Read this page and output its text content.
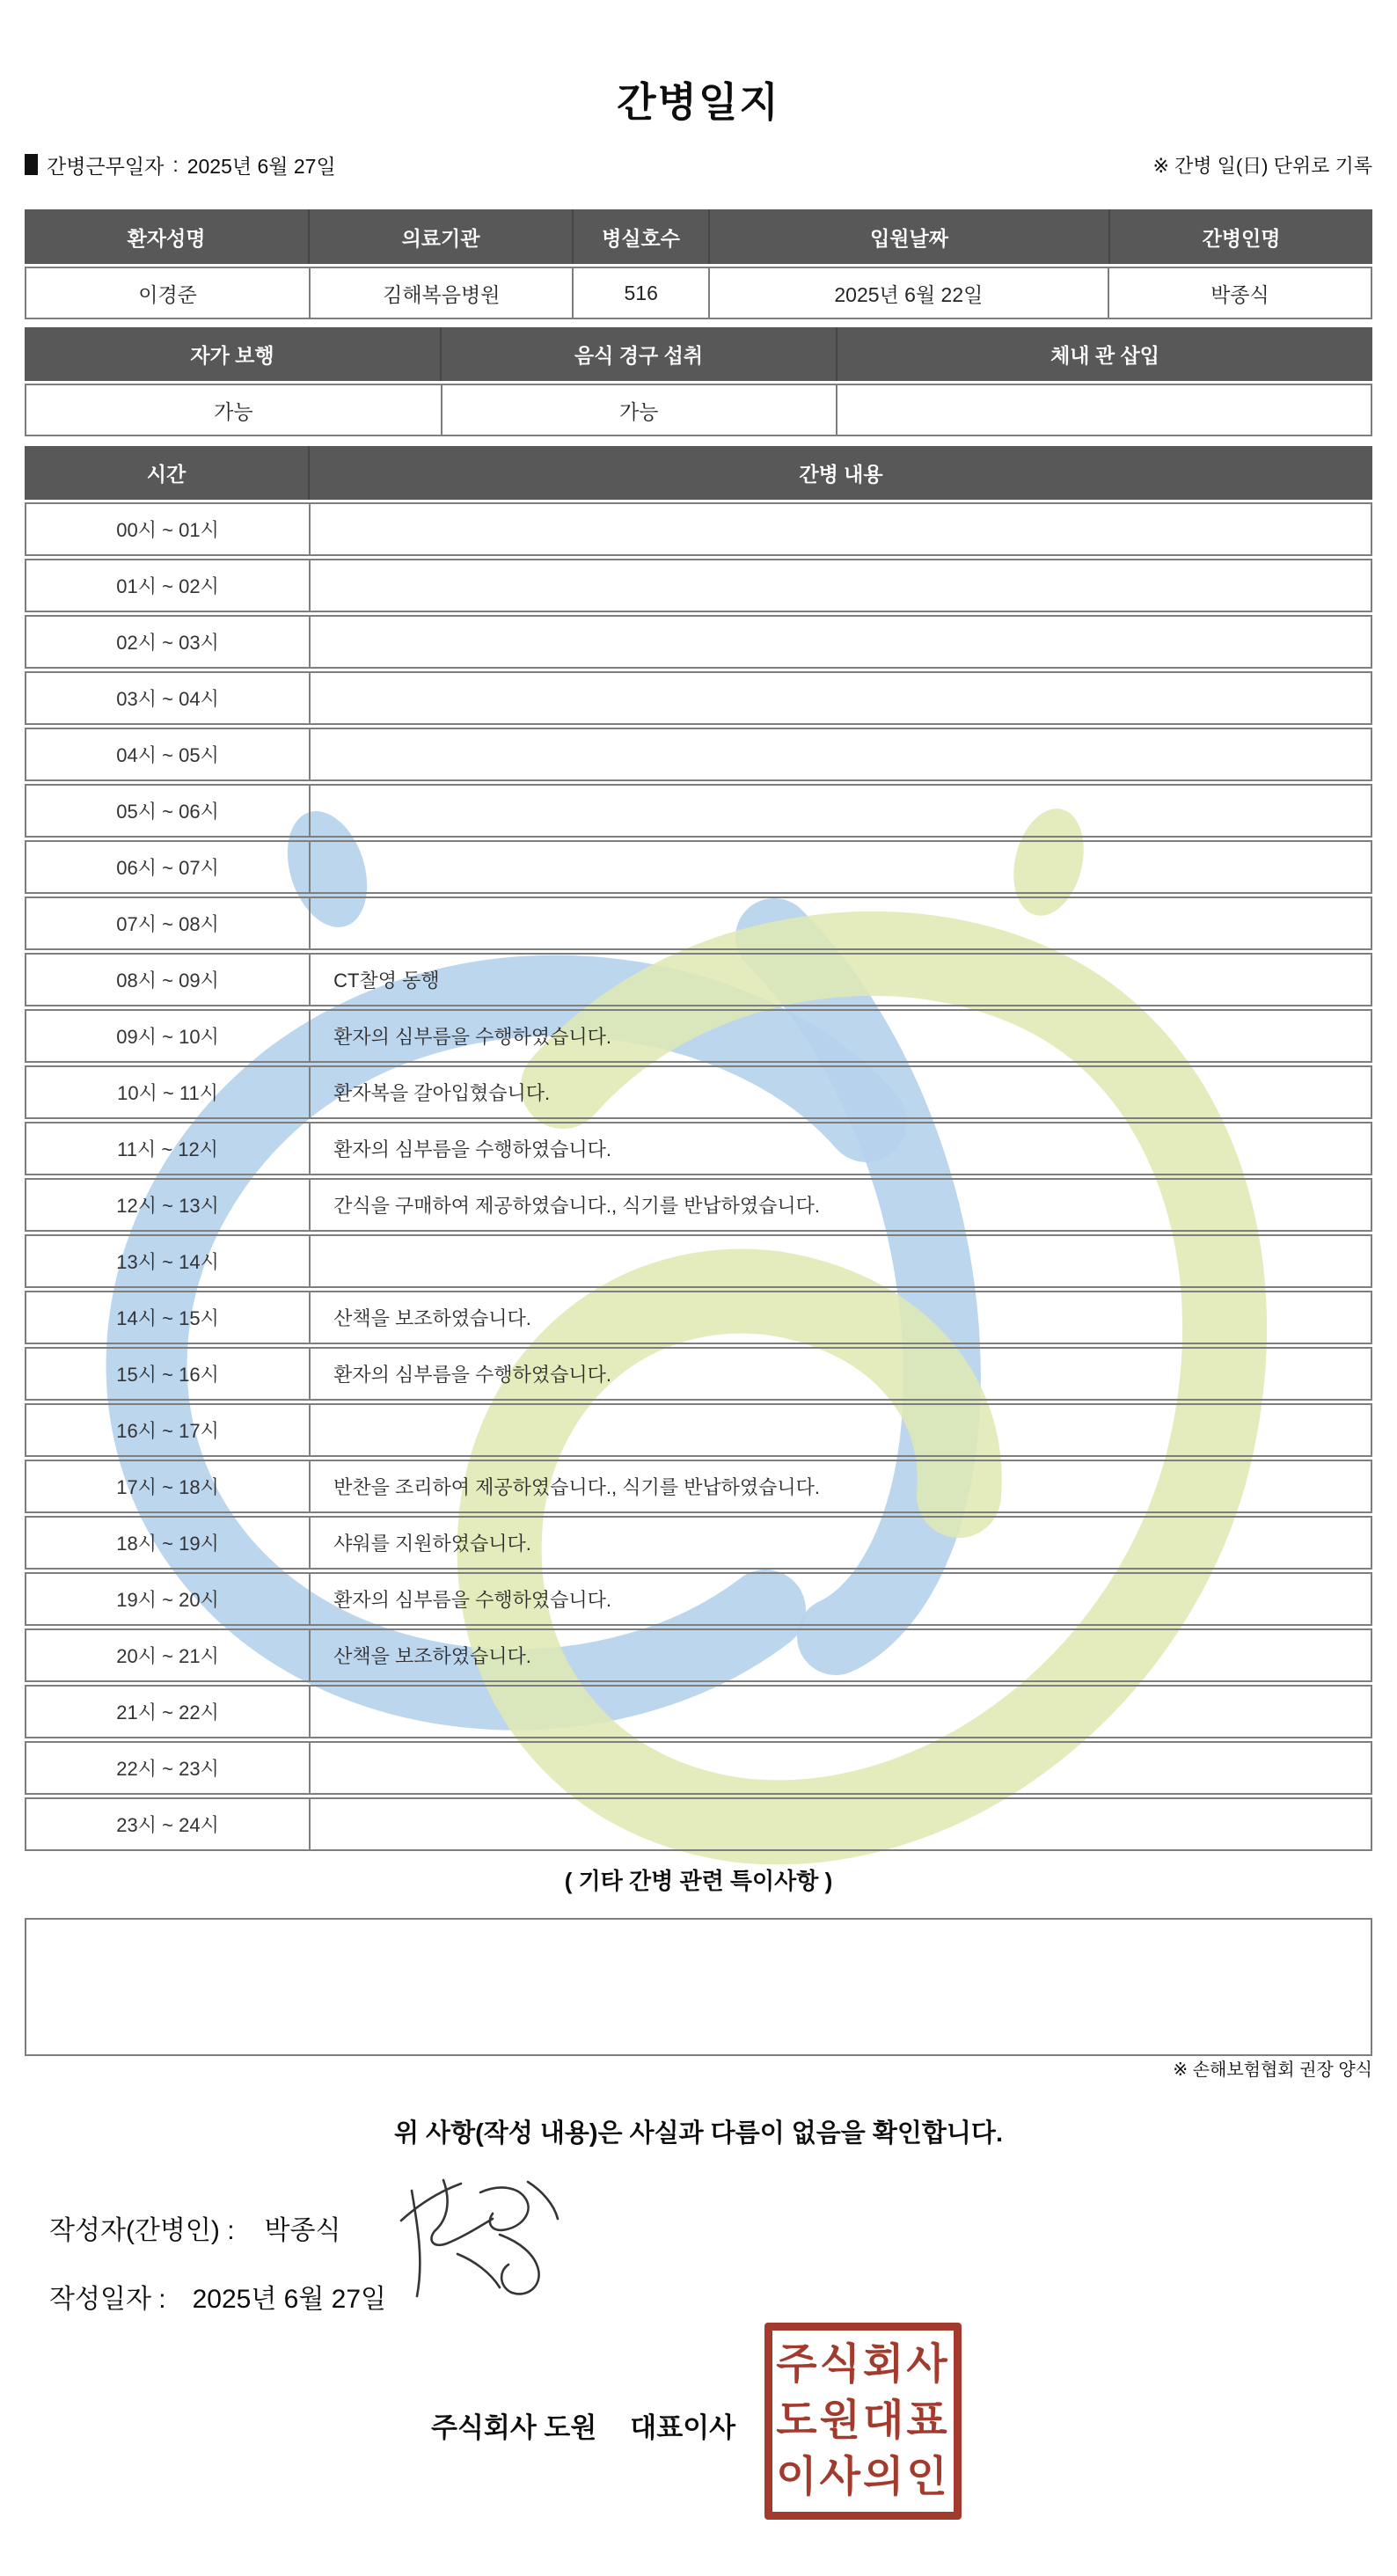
간병일지
간병근무일자 : 2025년 6월 27일	※ 간병 일(日) 단위로 기록
환자성명	의료기관	병실호수	입원날짜	간병인명
이경준	김해복음병원	516	2025년 6월 22일	박종식
자가 보행	음식 경구 섭취	체내 관 삽입
가능	가능
시간	간병 내용
00시 ~ 01시
01시 ~ 02시
02시 ~ 03시
03시 ~ 04시
04시 ~ 05시
05시 ~ 06시
06시 ~ 07시
07시 ~ 08시
08시 ~ 09시	CT찰영 동행
09시 ~ 10시	환자의 심부름을 수행하였습니다.
10시 ~ 11시	환자복을 갈아입혔습니다.
11시 ~ 12시	환자의 심부름을 수행하였습니다.
12시 ~ 13시	간식을 구매하여 제공하였습니다., 식기를 반납하였습니다.
13시 ~ 14시
14시 ~ 15시	산책을 보조하였습니다.
15시 ~ 16시	환자의 심부름을 수행하였습니다.
16시 ~ 17시
17시 ~ 18시	반찬을 조리하여 제공하였습니다., 식기를 반납하였습니다.
18시 ~ 19시	샤워를 지원하였습니다.
19시 ~ 20시	환자의 심부름을 수행하였습니다.
20시 ~ 21시	산책을 보조하였습니다.
21시 ~ 22시
22시 ~ 23시
23시 ~ 24시
( 기타 간병 관련 특이사항 )
※ 손해보험협회 권장 양식
위 사항(작성 내용)은 사실과 다름이 없음을 확인합니다.
작성자(간병인) : 박종식
작성일자 : 2025년 6월 27일
주식회사 도원 대표이사
주식회사
도원대표
이사의인
